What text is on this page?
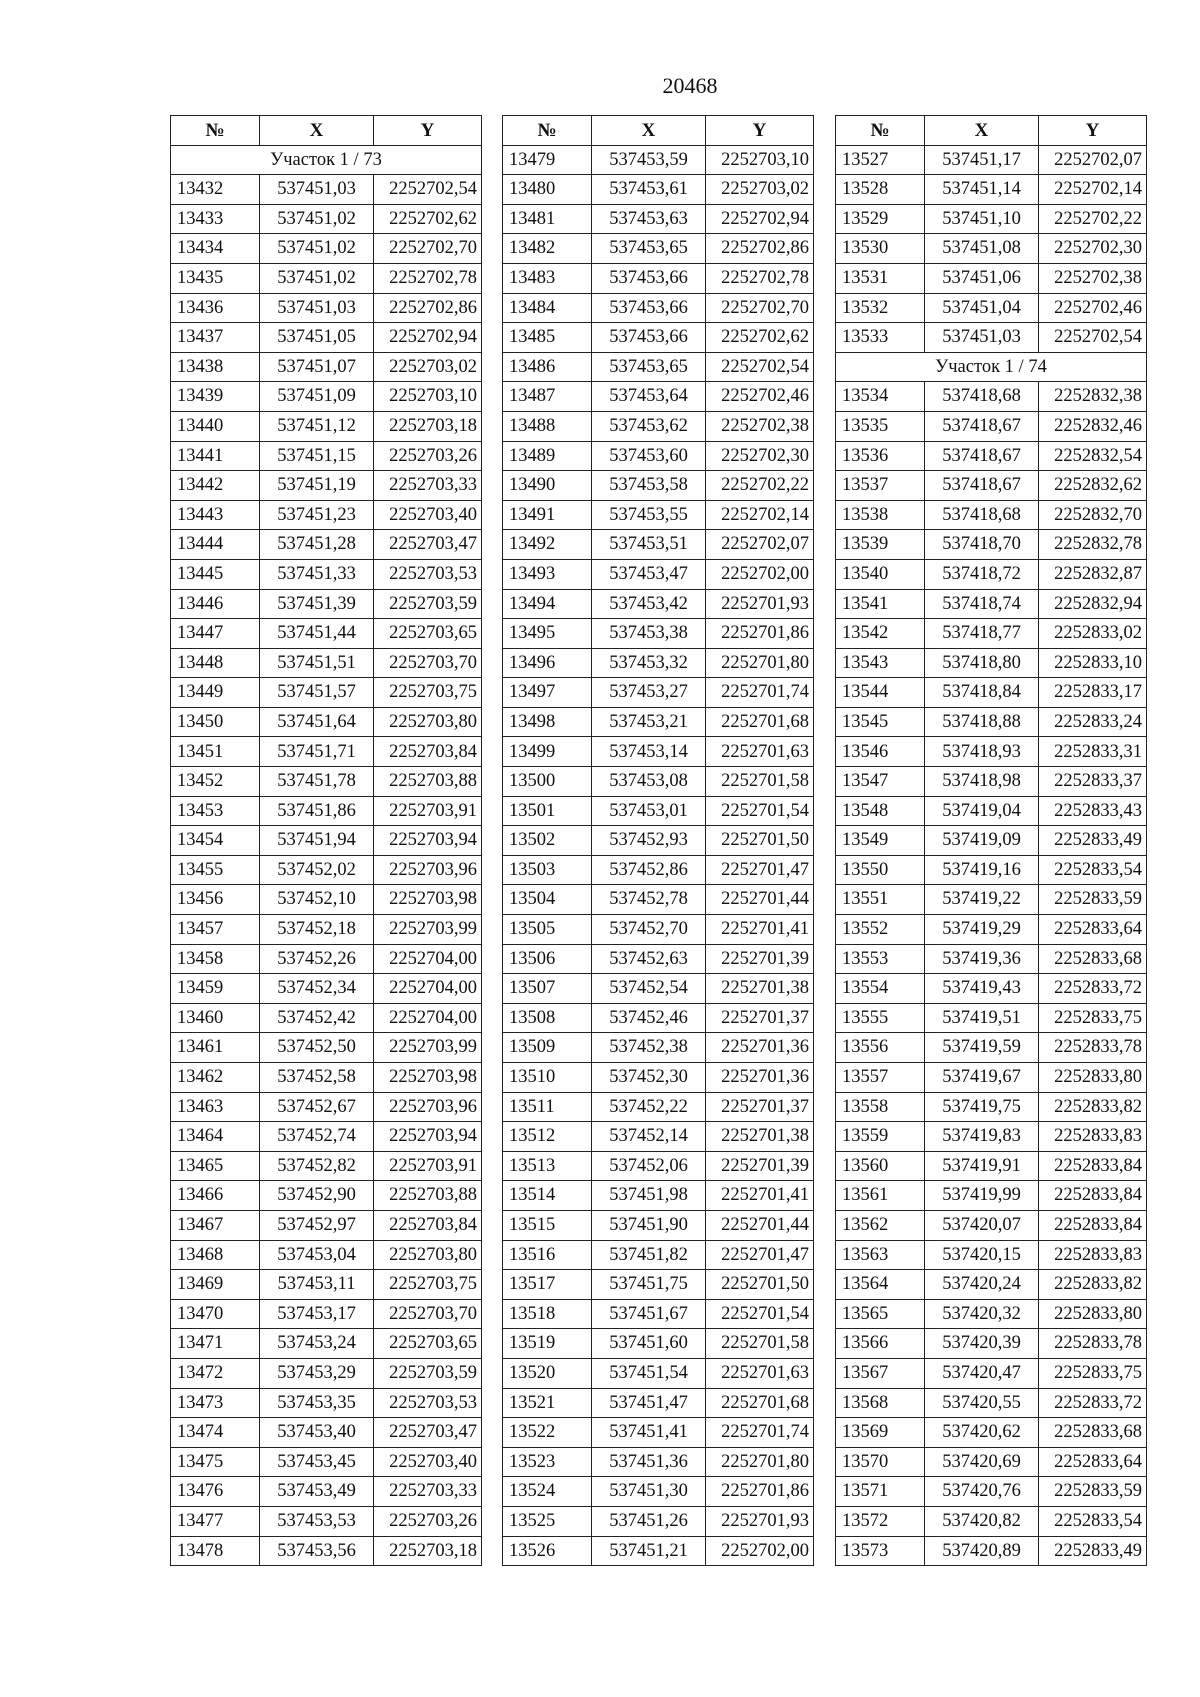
20468
№	X	Y
Участок 1 / 73		
13432	537451,03	2252702,54
13433	537451,02	2252702,62
13434	537451,02	2252702,70
13435	537451,02	2252702,78
13436	537451,03	2252702,86
13437	537451,05	2252702,94
13438	537451,07	2252703,02
13439	537451,09	2252703,10
13440	537451,12	2252703,18
13441	537451,15	2252703,26
13442	537451,19	2252703,33
13443	537451,23	2252703,40
13444	537451,28	2252703,47
13445	537451,33	2252703,53
13446	537451,39	2252703,59
13447	537451,44	2252703,65
13448	537451,51	2252703,70
13449	537451,57	2252703,75
13450	537451,64	2252703,80
13451	537451,71	2252703,84
13452	537451,78	2252703,88
13453	537451,86	2252703,91
13454	537451,94	2252703,94
13455	537452,02	2252703,96
13456	537452,10	2252703,98
13457	537452,18	2252703,99
13458	537452,26	2252704,00
13459	537452,34	2252704,00
13460	537452,42	2252704,00
13461	537452,50	2252703,99
13462	537452,58	2252703,98
13463	537452,67	2252703,96
13464	537452,74	2252703,94
13465	537452,82	2252703,91
13466	537452,90	2252703,88
13467	537452,97	2252703,84
13468	537453,04	2252703,80
13469	537453,11	2252703,75
13470	537453,17	2252703,70
13471	537453,24	2252703,65
13472	537453,29	2252703,59
13473	537453,35	2252703,53
13474	537453,40	2252703,47
13475	537453,45	2252703,40
13476	537453,49	2252703,33
13477	537453,53	2252703,26
13478	537453,56	2252703,18
№	X	Y
13479	537453,59	2252703,10
13480	537453,61	2252703,02
13481	537453,63	2252702,94
13482	537453,65	2252702,86
13483	537453,66	2252702,78
13484	537453,66	2252702,70
13485	537453,66	2252702,62
13486	537453,65	2252702,54
13487	537453,64	2252702,46
13488	537453,62	2252702,38
13489	537453,60	2252702,30
13490	537453,58	2252702,22
13491	537453,55	2252702,14
13492	537453,51	2252702,07
13493	537453,47	2252702,00
13494	537453,42	2252701,93
13495	537453,38	2252701,86
13496	537453,32	2252701,80
13497	537453,27	2252701,74
13498	537453,21	2252701,68
13499	537453,14	2252701,63
13500	537453,08	2252701,58
13501	537453,01	2252701,54
13502	537452,93	2252701,50
13503	537452,86	2252701,47
13504	537452,78	2252701,44
13505	537452,70	2252701,41
13506	537452,63	2252701,39
13507	537452,54	2252701,38
13508	537452,46	2252701,37
13509	537452,38	2252701,36
13510	537452,30	2252701,36
13511	537452,22	2252701,37
13512	537452,14	2252701,38
13513	537452,06	2252701,39
13514	537451,98	2252701,41
13515	537451,90	2252701,44
13516	537451,82	2252701,47
13517	537451,75	2252701,50
13518	537451,67	2252701,54
13519	537451,60	2252701,58
13520	537451,54	2252701,63
13521	537451,47	2252701,68
13522	537451,41	2252701,74
13523	537451,36	2252701,80
13524	537451,30	2252701,86
13525	537451,26	2252701,93
13526	537451,21	2252702,00
№	X	Y
13527	537451,17	2252702,07
13528	537451,14	2252702,14
13529	537451,10	2252702,22
13530	537451,08	2252702,30
13531	537451,06	2252702,38
13532	537451,04	2252702,46
13533	537451,03	2252702,54
Участок 1 / 74		
13534	537418,68	2252832,38
13535	537418,67	2252832,46
13536	537418,67	2252832,54
13537	537418,67	2252832,62
13538	537418,68	2252832,70
13539	537418,70	2252832,78
13540	537418,72	2252832,87
13541	537418,74	2252832,94
13542	537418,77	2252833,02
13543	537418,80	2252833,10
13544	537418,84	2252833,17
13545	537418,88	2252833,24
13546	537418,93	2252833,31
13547	537418,98	2252833,37
13548	537419,04	2252833,43
13549	537419,09	2252833,49
13550	537419,16	2252833,54
13551	537419,22	2252833,59
13552	537419,29	2252833,64
13553	537419,36	2252833,68
13554	537419,43	2252833,72
13555	537419,51	2252833,75
13556	537419,59	2252833,78
13557	537419,67	2252833,80
13558	537419,75	2252833,82
13559	537419,83	2252833,83
13560	537419,91	2252833,84
13561	537419,99	2252833,84
13562	537420,07	2252833,84
13563	537420,15	2252833,83
13564	537420,24	2252833,82
13565	537420,32	2252833,80
13566	537420,39	2252833,78
13567	537420,47	2252833,75
13568	537420,55	2252833,72
13569	537420,62	2252833,68
13570	537420,69	2252833,64
13571	537420,76	2252833,59
13572	537420,82	2252833,54
13573	537420,89	2252833,49
